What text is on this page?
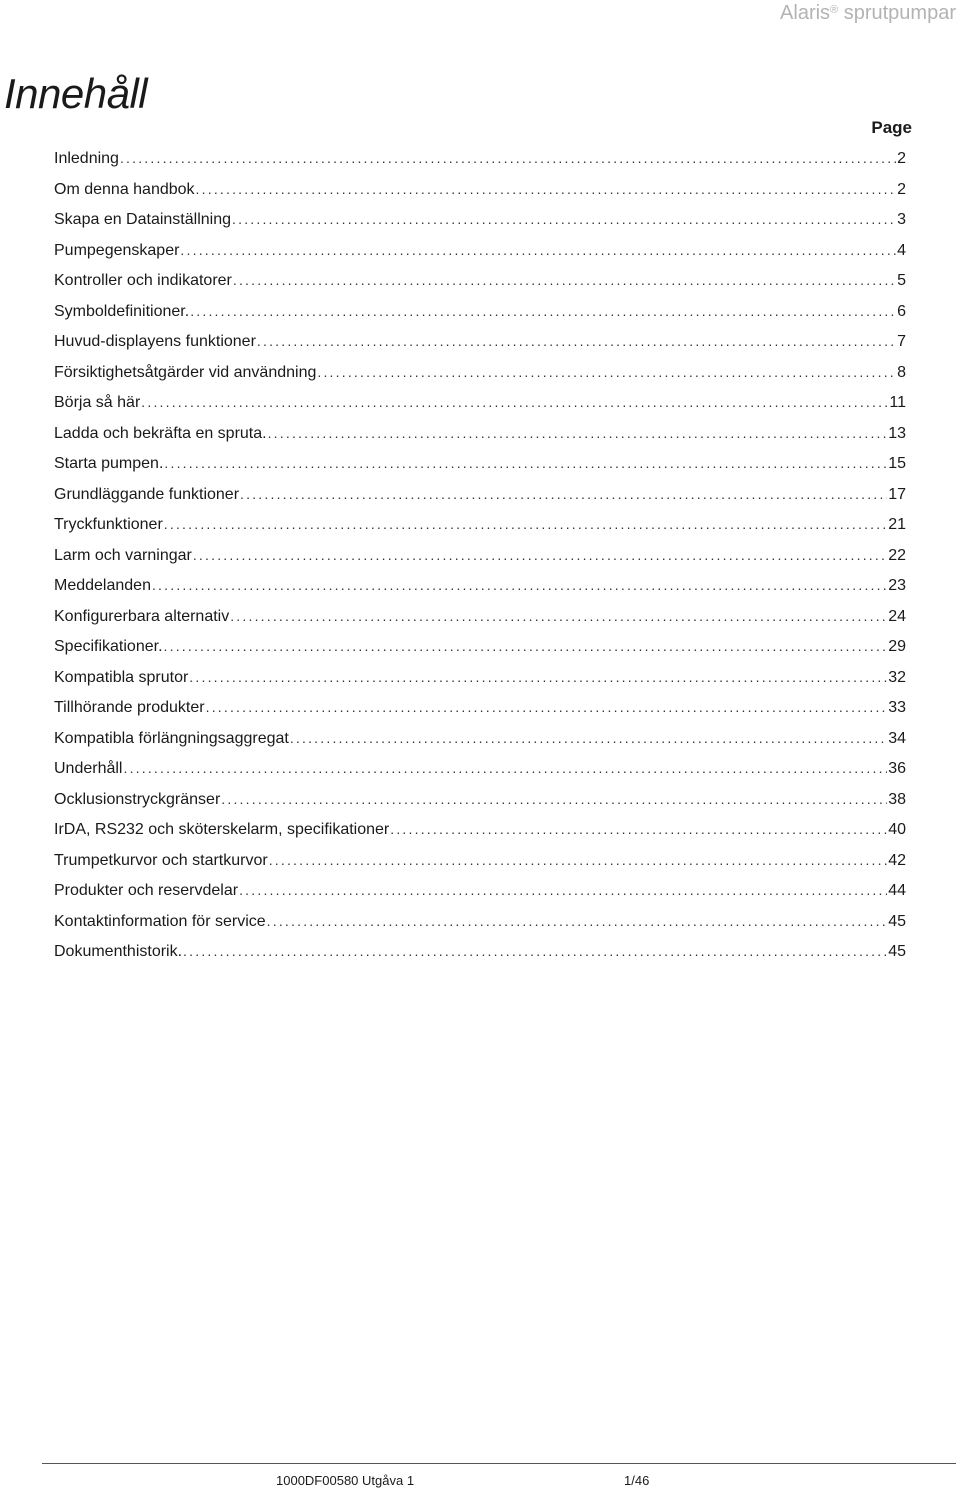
Alaris® sprutpumpar
Innehåll
Page
Inledning .....	2
Om denna handbok .....	2
Skapa en Datainställning .....	3
Pumpegenskaper .....	4
Kontroller och indikatorer .....	5
Symboldefinitioner. .....	6
Huvud-displayens funktioner .....	7
Försiktighetsåtgärder vid användning .....	8
Börja så här .....	11
Ladda och bekräfta en spruta. .....	13
Starta pumpen. .....	15
Grundläggande funktioner .....	17
Tryckfunktioner .....	21
Larm och varningar .....	22
Meddelanden .....	23
Konfigurerbara alternativ .....	24
Specifikationer. .....	29
Kompatibla sprutor .....	32
Tillhörande produkter .....	33
Kompatibla förlängningsaggregat .....	34
Underhåll .....	36
Ocklusionstryckgränser .....	38
IrDA, RS232 och sköterskelarm, specifikationer .....	40
Trumpetkurvor och startkurvor .....	42
Produkter och reservdelar .....	44
Kontaktinformation för service .....	45
Dokumenthistorik. .....	45
1000DF00580 Utgåva 1	1/46
